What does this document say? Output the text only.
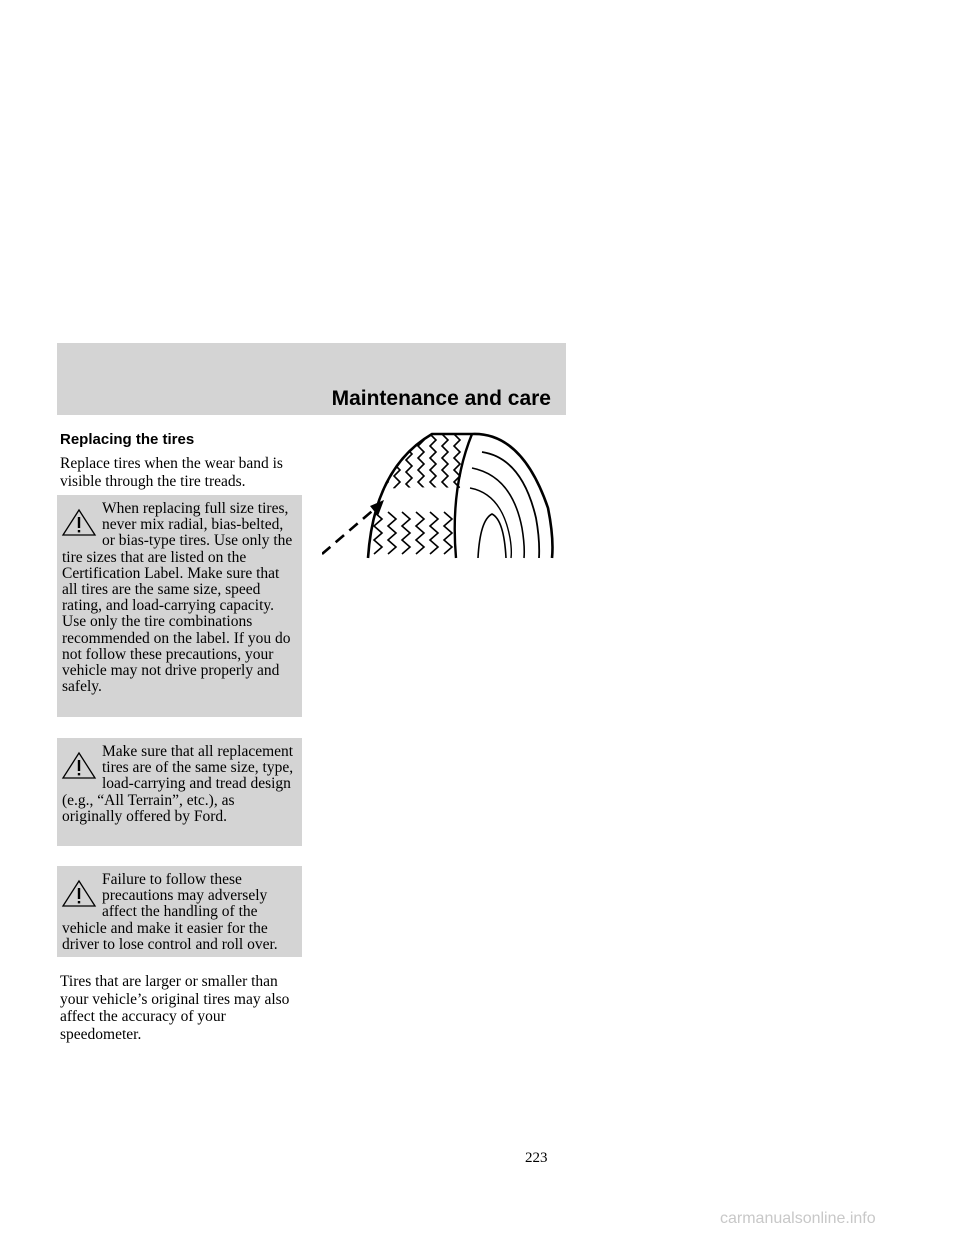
Maintenance and care
Replacing the tires
Replace tires when the wear band is visible through the tire treads.
When replacing full size tires, never mix radial, bias-belted, or bias-type tires. Use only the tire sizes that are listed on the Certification Label. Make sure that all tires are the same size, speed rating, and load-carrying capacity. Use only the tire combinations recommended on the label. If you do not follow these precautions, your vehicle may not drive properly and safely.
Make sure that all replacement tires are of the same size, type, load-carrying and tread design (e.g., “All Terrain”, etc.), as originally offered by Ford.
Failure to follow these precautions may adversely affect the handling of the vehicle and make it easier for the driver to lose control and roll over.
Tires that are larger or smaller than your vehicle’s original tires may also affect the accuracy of your speedometer.
223
carmanualsonline.info
